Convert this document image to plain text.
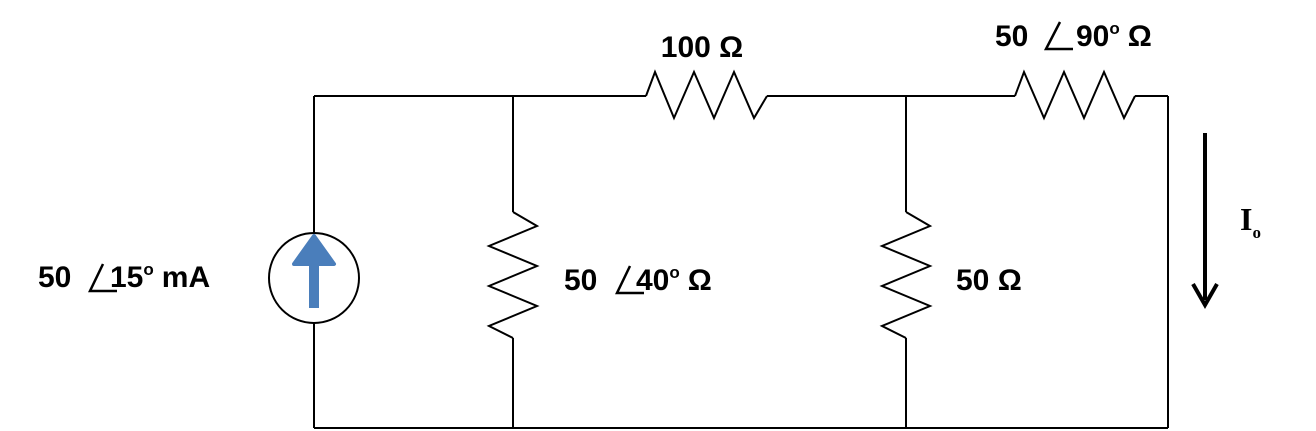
100 Ω	50 90$^o$ Ω
50 15$^o$ mA	50 40$^o$ Ω	50 Ω
$I_o$
